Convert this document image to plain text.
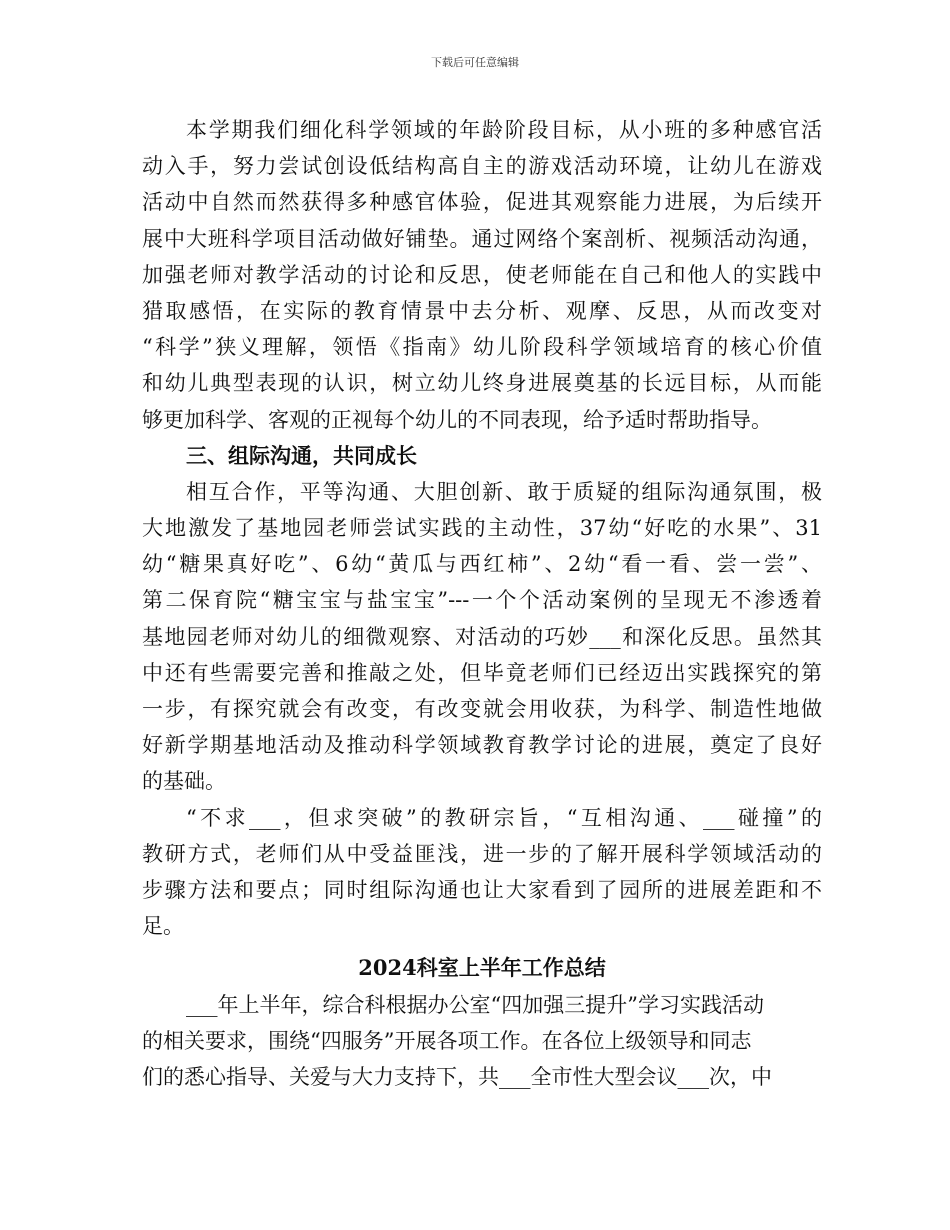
下载后可任意编辑
本学期我们细化科学领域的年龄阶段目标，从小班的多种感官活
动入手，努力尝试创设低结构高自主的游戏活动环境，让幼儿在游戏
活动中自然而然获得多种感官体验，促进其观察能力进展，为后续开
展中大班科学项目活动做好铺垫。通过网络个案剖析、视频活动沟通，
加强老师对教学活动的讨论和反思，使老师能在自己和他人的实践中
猎取感悟，在实际的教育情景中去分析、观摩、反思，从而改变对
“科学”狭义理解，领悟《指南》幼儿阶段科学领域培育的核心价值
和幼儿典型表现的认识，树立幼儿终身进展奠基的长远目标，从而能
够更加科学、客观的正视每个幼儿的不同表现，给予适时帮助指导。
三、组际沟通，共同成长
相互合作，平等沟通、大胆创新、敢于质疑的组际沟通氛围，极
大地激发了基地园老师尝试实践的主动性，37幼“好吃的水果”、31
幼“糖果真好吃”、6幼“黄瓜与西红柿”、2幼“看一看、尝一尝”、
第二保育院“糖宝宝与盐宝宝”---一个个活动案例的呈现无不渗透着
基地园老师对幼儿的细微观察、对活动的巧妙___和深化反思。虽然其
中还有些需要完善和推敲之处，但毕竟老师们已经迈出实践探究的第
一步，有探究就会有改变，有改变就会用收获，为科学、制造性地做
好新学期基地活动及推动科学领域教育教学讨论的进展，奠定了良好
的基础。
“不求___，但求突破”的教研宗旨，“互相沟通、___碰撞”的
教研方式，老师们从中受益匪浅，进一步的了解开展科学领域活动的
步骤方法和要点；同时组际沟通也让大家看到了园所的进展差距和不
足。
2024科室上半年工作总结
___年上半年，综合科根据办公室“四加强三提升”学习实践活动
的相关要求，围绕“四服务”开展各项工作。在各位上级领导和同志
们的悉心指导、关爱与大力支持下，共___全市性大型会议___次，中
